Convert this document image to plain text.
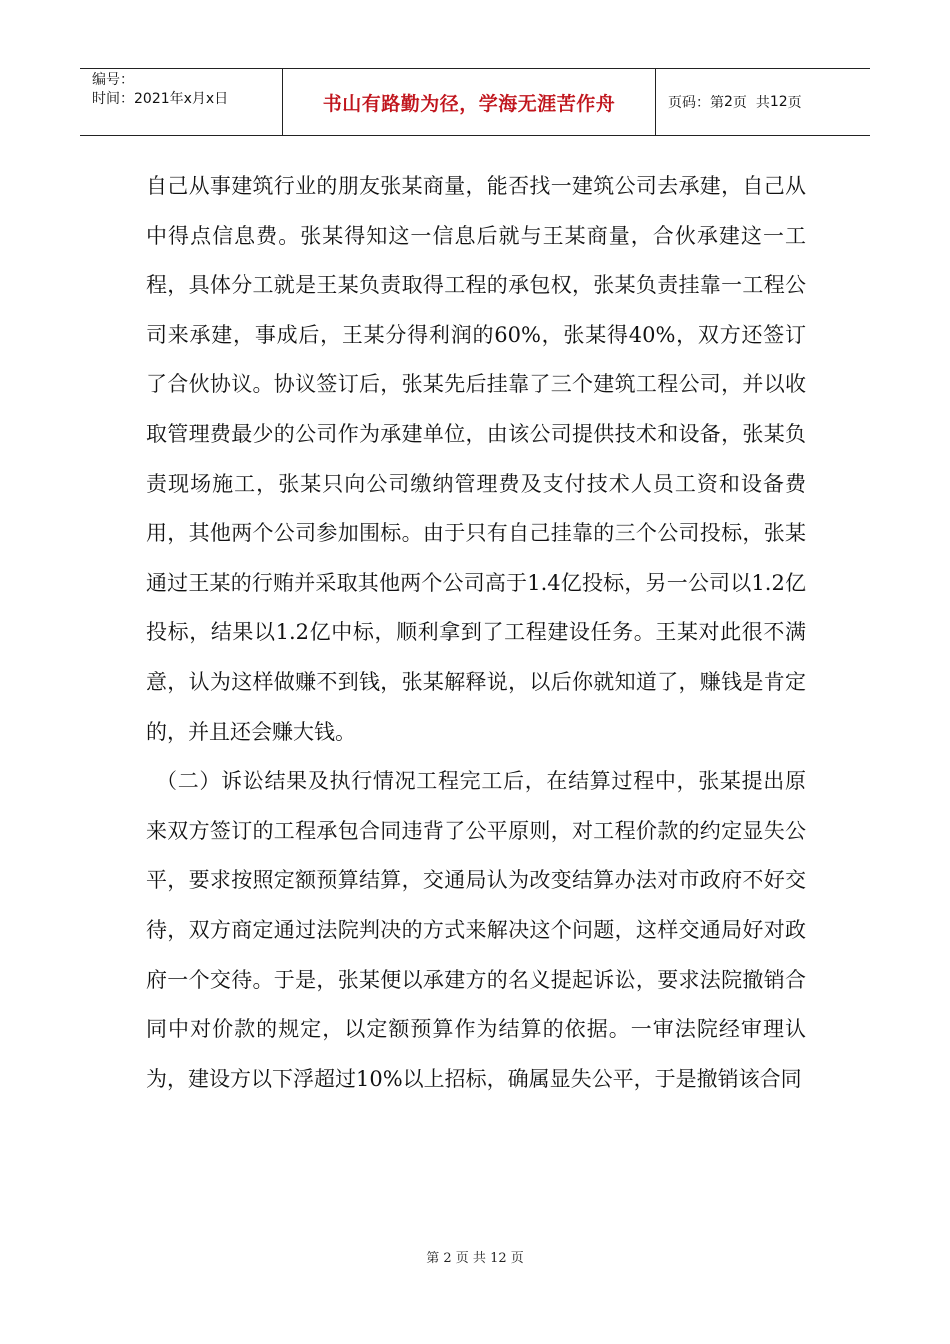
编号：
时间：2021年x月x日	书山有路勤为径，学海无涯苦作舟	页码：第 2 页  共 12 页

自己从事建筑行业的朋友张某商量，能否找一建筑公司去承建，自己从中得点信息费。张某得知这一信息后就与王某商量，合伙承建这一工程，具体分工就是王某负责取得工程的承包权，张某负责挂靠一工程公司来承建，事成后，王某分得利润的60%，张某得40%，双方还签订了合伙协议。协议签订后，张某先后挂靠了三个建筑工程公司，并以收取管理费最少的公司作为承建单位，由该公司提供技术和设备，张某负责现场施工，张某只向公司缴纳管理费及支付技术人员工资和设备费用，其他两个公司参加围标。由于只有自己挂靠的三个公司投标，张某通过王某的行贿并采取其他两个公司高于1.4亿投标，另一公司以1.2亿投标，结果以1.2亿中标，顺利拿到了工程建设任务。王某对此很不满意，认为这样做赚不到钱，张某解释说，以后你就知道了，赚钱是肯定的，并且还会赚大钱。

（二）诉讼结果及执行情况工程完工后，在结算过程中，张某提出原来双方签订的工程承包合同违背了公平原则，对工程价款的约定显失公平，要求按照定额预算结算，交通局认为改变结算办法对市政府不好交待，双方商定通过法院判决的方式来解决这个问题，这样交通局好对政府一个交待。于是，张某便以承建方的名义提起诉讼，要求法院撤销合同中对价款的规定，以定额预算作为结算的依据。一审法院经审理认为，建设方以下浮超过10%以上招标，确属显失公平，于是撤销该合同

第 2 页 共 12 页
